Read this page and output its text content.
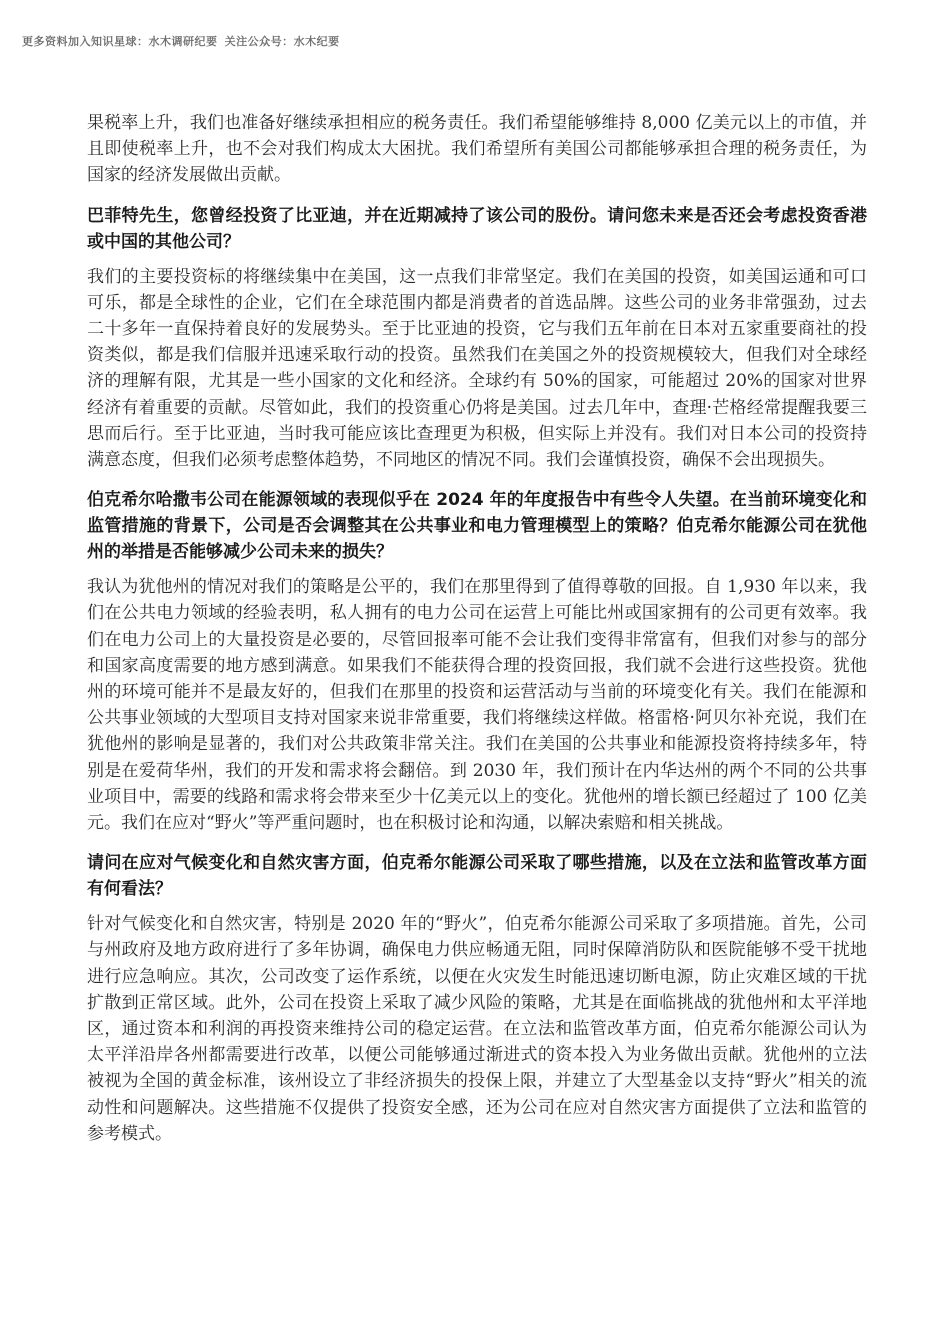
更多资料加入知识星球：水木调研纪要 关注公众号：水木纪要

果税率上升，我们也准备好继续承担相应的税务责任。我们希望能够维持 8,000 亿美元以上的市值，并且即使税率上升，也不会对我们构成太大困扰。我们希望所有美国公司都能够承担合理的税务责任，为国家的经济发展做出贡献。

巴菲特先生，您曾经投资了比亚迪，并在近期减持了该公司的股份。请问您未来是否还会考虑投资香港或中国的其他公司？

我们的主要投资标的将继续集中在美国，这一点我们非常坚定。我们在美国的投资，如美国运通和可口可乐，都是全球性的企业，它们在全球范围内都是消费者的首选品牌。这些公司的业务非常强劲，过去二十多年一直保持着良好的发展势头。至于比亚迪的投资，它与我们五年前在日本对五家重要商社的投资类似，都是我们信服并迅速采取行动的投资。虽然我们在美国之外的投资规模较大，但我们对全球经济的理解有限，尤其是一些小国家的文化和经济。全球约有 50%的国家，可能超过 20%的国家对世界经济有着重要的贡献。尽管如此，我们的投资重心仍将是美国。过去几年中，查理·芒格经常提醒我要三思而后行。至于比亚迪，当时我可能应该比查理更为积极，但实际上并没有。我们对日本公司的投资持满意态度，但我们必须考虑整体趋势，不同地区的情况不同。我们会谨慎投资，确保不会出现损失。

伯克希尔哈撒韦公司在能源领域的表现似乎在 2024 年的年度报告中有些令人失望。在当前环境变化和监管措施的背景下，公司是否会调整其在公共事业和电力管理模型上的策略？伯克希尔能源公司在犹他州的举措是否能够减少公司未来的损失？

我认为犹他州的情况对我们的策略是公平的，我们在那里得到了值得尊敬的回报。自 1,930 年以来，我们在公共电力领域的经验表明，私人拥有的电力公司在运营上可能比州或国家拥有的公司更有效率。我们在电力公司上的大量投资是必要的，尽管回报率可能不会让我们变得非常富有，但我们对参与的部分和国家高度需要的地方感到满意。如果我们不能获得合理的投资回报，我们就不会进行这些投资。犹他州的环境可能并不是最友好的，但我们在那里的投资和运营活动与当前的环境变化有关。我们在能源和公共事业领域的大型项目支持对国家来说非常重要，我们将继续这样做。格雷格·阿贝尔补充说，我们在犹他州的影响是显著的，我们对公共政策非常关注。我们在美国的公共事业和能源投资将持续多年，特别是在爱荷华州，我们的开发和需求将会翻倍。到 2030 年，我们预计在内华达州的两个不同的公共事业项目中，需要的线路和需求将会带来至少十亿美元以上的变化。犹他州的增长额已经超过了 100 亿美元。我们在应对“野火”等严重问题时，也在积极讨论和沟通，以解决索赔和相关挑战。

请问在应对气候变化和自然灾害方面，伯克希尔能源公司采取了哪些措施，以及在立法和监管改革方面有何看法？

针对气候变化和自然灾害，特别是 2020 年的“野火”，伯克希尔能源公司采取了多项措施。首先，公司与州政府及地方政府进行了多年协调，确保电力供应畅通无阻，同时保障消防队和医院能够不受干扰地进行应急响应。其次，公司改变了运作系统，以便在火灾发生时能迅速切断电源，防止灾难区域的干扰扩散到正常区域。此外，公司在投资上采取了减少风险的策略，尤其是在面临挑战的犹他州和太平洋地区，通过资本和利润的再投资来维持公司的稳定运营。在立法和监管改革方面，伯克希尔能源公司认为太平洋沿岸各州都需要进行改革，以便公司能够通过渐进式的资本投入为业务做出贡献。犹他州的立法被视为全国的黄金标准，该州设立了非经济损失的投保上限，并建立了大型基金以支持“野火”相关的流动性和问题解决。这些措施不仅提供了投资安全感，还为公司在应对自然灾害方面提供了立法和监管的参考模式。
